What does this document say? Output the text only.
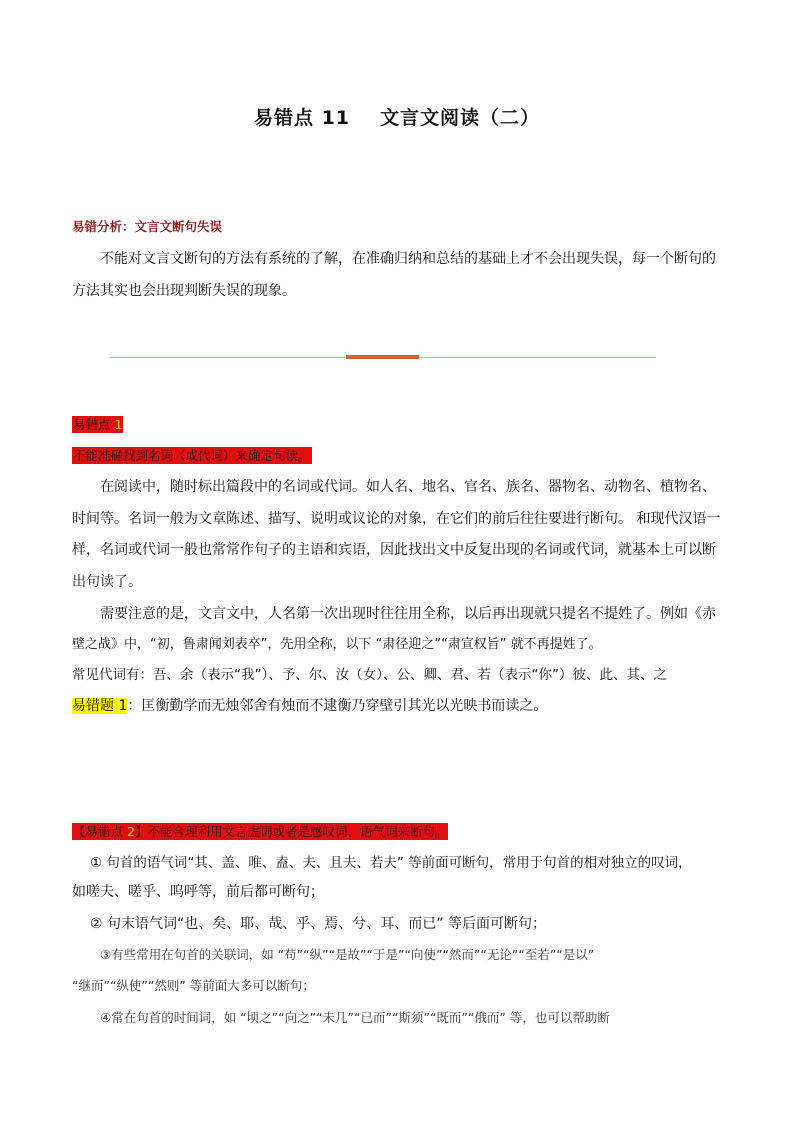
易错点 11 文言文阅读（二）
易错分析：文言文断句失误
不能对文言文断句的方法有系统的了解，在准确归纳和总结的基础上才不会出现失误，每一个断句的
方法其实也会出现判断失误的现象。
易错点 1
不能准确找到名词（或代词）来确定句读。
在阅读中，随时标出篇段中的名词或代词。如人名、地名、官名、族名、器物名、动物名、植物名、
时间等。名词一般为文章陈述、描写、说明或议论的对象，在它们的前后往往要进行断句。 和现代汉语一
样，名词或代词一般也常常作句子的主语和宾语，因此找出文中反复出现的名词或代词，就基本上可以断
出句读了。
需要注意的是，文言文中，人名第一次出现时往往用全称，以后再出现就只提名不提姓了。例如《赤
壁之战》中，“初，鲁肃闻刘表卒”，先用全称，以下 “肃径迎之”“肃宣权旨” 就不再提姓了。
常见代词有：吾、余（表示“我”）、予、尔、汝（女）、公、卿、君、若（表示“你”）彼、此、其、之
易错题 1：匡衡勤学而无烛邻舍有烛而不逮衡乃穿壁引其光以光映书而读之。
【易错点 2】不能合理利用文言虚词或者是感叹词、语气词来断句。
① 句首的语气词“其、盖、唯、盍、夫、且夫、若夫” 等前面可断句，常用于句首的相对独立的叹词，
如嗟夫、嗟乎、呜呼等，前后都可断句；
② 句末语气词“也、矣、耶、哉、乎、焉、兮、耳、而已” 等后面可断句；
③有些常用在句首的关联词，如 “苟”“纵”“是故”“于是”“向使”“然而”“无论”“至若”“是以”
“继而”“纵使”“然则” 等前面大多可以断句；
④常在句首的时间词，如 “顷之”“向之”“未几”“已而”“斯须”“既而”“俄而” 等，也可以帮助断
